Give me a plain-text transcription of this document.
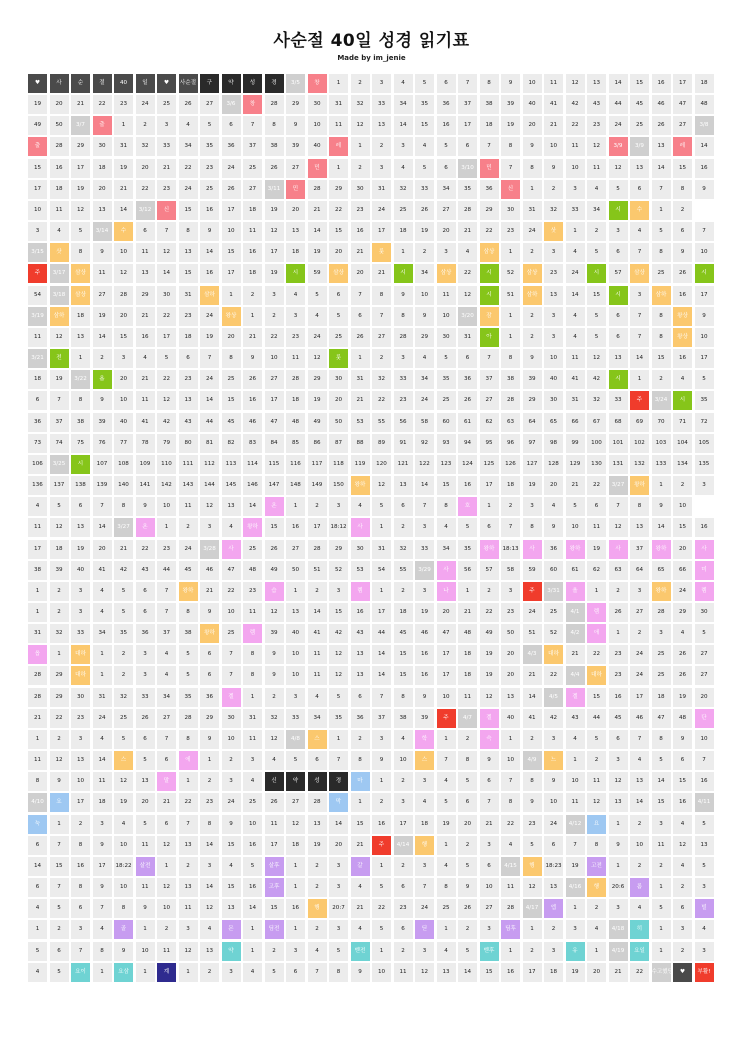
사순절 40일 성경 읽기표
Made by im_jenie
♥	사	순	절	40	일	♥	사순절	구	약	성	경	3/5	창	1	2	3	4	5	6	7	8	9	10	11	12	13	14	15	16	17	18
19	20	21	22	23	24	25	26	27	3/6	창	28	29	30	31	32	33	34	35	36	37	38	39	40	41	42	43	44	45	46	47	48
49	50	3/7	출	1	2	3	4	5	6	7	8	9	10	11	12	13	14	15	16	17	18	19	20	21	22	23	24	25	26	27	3/8
출	28	29	30	31	32	33	34	35	36	37	38	39	40	레	1	2	3	4	5	6	7	8	9	10	11	12	3/9	3/9	13	레	14
15	16	17	18	19	20	21	22	23	24	25	26	27	민	1	2	3	4	5	6	3/10	민	7	8	9	10	11	12	13	14	15	16
17	18	19	20	21	22	23	24	25	26	27	3/11	민	28	29	30	31	32	33	34	35	36	신	1	2	3	4	5	6	7	8	9
10	11	12	13	14	3/12	신	15	16	17	18	19	20	21	22	23	24	25	26	27	28	29	30	31	32	33	34	시	수	1	2
3	4	5	3/14	수	6	7	8	9	10	11	12	13	14	15	16	17	18	19	20	21	22	23	24	삿	1	2	3	4	5	6	7
3/15	삿	8	9	10	11	12	13	14	15	16	17	18	19	20	21	룻	1	2	3	4	삼상	1	2	3	4	5	6	7	8	9	10
주	3/17	삼상	11	12	13	14	15	16	17	18	19	시	59	삼상	20	21	시	34	삼상	22	시	52	삼상	23	24	시	57	삼상	25	26	시
54	3/18	삼상	27	28	29	30	31	삼하	1	2	3	4	5	6	7	8	9	10	11	12	시	51	삼하	13	14	15	시	3	삼하	16	17
3/19	삼하	18	19	20	21	22	23	24	왕상	1	2	3	4	5	6	7	8	9	10	3/20	잠	1	2	3	4	5	6	7	8	왕상	9
11	12	13	14	15	16	17	18	19	20	21	22	23	24	25	26	27	28	29	30	31	아	1	2	3	4	5	6	7	8	왕상	10
3/21	전	1	2	3	4	5	6	7	8	9	10	11	12	룻	1	2	3	4	5	6	7	8	9	10	11	12	13	14	15	16	17
18	19	3/22	욥	20	21	22	23	24	25	26	27	28	29	30	31	32	33	34	35	36	37	38	39	40	41	42	시	1	2	4	5
6	7	8	9	10	11	12	13	14	15	16	17	18	19	20	21	22	23	24	25	26	27	28	29	30	31	32	33	주	3/24	시	35
36	37	38	39	40	41	42	43	44	45	46	47	48	49	50	53	55	56	58	60	61	62	63	64	65	66	67	68	69	70	71	72
73	74	75	76	77	78	79	80	81	82	83	84	85	86	87	88	89	91	92	93	94	95	96	97	98	99	100	101	102	103	104	105
106	3/25	시	107	108	109	110	111	112	113	114	115	116	117	118	119	120	121	122	123	124	125	126	127	128	129	130	131	132	133	134	135
136	137	138	139	140	141	142	143	144	145	146	147	148	149	150	왕하	12	13	14	15	16	17	18	19	20	21	22	3/27	왕하	1	2	3
4	5	6	7	8	9	10	11	12	13	14	욘	1	2	3	4	5	6	7	8	호	1	2	3	4	5	6	7	8	9	10
11	12	13	14	3/27	욘	1	2	3	4	왕하	15	16	17	18:12	사	1	2	3	4	5	6	7	8	9	10	11	12	13	14	15	16
17	18	19	20	21	22	23	24	3/28	사	25	26	27	28	29	30	31	32	33	34	35	왕하	18:13	사	36	왕하	19	사	37	왕하	20	사
38	39	40	41	42	43	44	45	46	47	48	49	50	51	52	53	54	55	3/29	사	56	57	58	59	60	61	62	63	64	65	66	미
1	2	3	4	5	6	7	왕하	21	22	23	습	1	2	3	렘	1	2	3	나	1	2	3	주	3/31	욜	1	2	3	왕하	24	렘
1	2	3	4	5	6	7	8	9	10	11	12	13	14	15	16	17	18	19	20	21	22	23	24	25	4/1	렘	26	27	28	29	30
31	32	33	34	35	36	37	38	왕하	25	렘	39	40	41	42	43	44	45	46	47	48	49	50	51	52	4/2	애	1	2	3	4	5
옵	1	대하	1	2	3	4	5	6	7	8	9	10	11	12	13	14	15	16	17	18	19	20	4/3	대하	21	22	23	24	25	26	27
28	29	대하	1	2	3	4	5	6	7	8	9	10	11	12	13	14	15	16	17	18	19	20	21	22	4/4	대하	23	24	25	26	27
28	29	30	31	32	33	34	35	36	겔	1	2	3	4	5	6	7	8	9	10	11	12	13	14	4/5	겔	15	16	17	18	19	20
21	22	23	24	25	26	27	28	29	30	31	32	33	34	35	36	37	38	39	주	4/7	겔	40	41	42	43	44	45	46	47	48	단
1	2	3	4	5	6	7	8	9	10	11	12	4/8	스	1	2	3	4	학	1	2	슥	1	2	3	4	5	6	7	8	9	10
11	12	13	14	스	5	6	에	1	2	3	4	5	6	7	8	9	10	스	7	8	9	10	4/9	느	1	2	3	4	5	6	7
8	9	10	11	12	13	말	1	2	3	4	신	약	성	경	마	1	2	3	4	5	6	7	8	9	10	11	12	13	14	15	16
4/10	요	17	18	19	20	21	22	23	24	25	26	27	28	막	1	2	3	4	5	6	7	8	9	10	11	12	13	14	15	16	4/11
눅	1	2	3	4	5	6	7	8	9	10	11	12	13	14	15	16	17	18	19	20	21	22	23	24	4/12	요	1	2	3	4	5
6	7	8	9	10	11	12	13	14	15	16	17	18	19	20	21	주	4/14	행	1	2	3	4	5	6	7	8	9	10	11	12	13
14	15	16	17	18:22	살전	1	2	3	4	5	살후	1	2	3	갈	1	2	3	4	5	6	4/15	행	18:23	19	고전	1	2	2	4	5
6	7	8	9	10	11	12	13	14	15	16	고후	1	2	3	4	5	6	7	8	9	10	11	12	13	4/16	행	20:6	롬	1	2	3
4	5	6	7	8	9	10	11	12	13	14	15	16	행	20:7	21	22	23	24	25	26	27	28	4/17	엡	1	2	3	4	5	6	빌
1	2	3	4	골	1	2	3	4	몬	1	딤전	1	2	3	4	5	6	딛	1	2	3	딤후	1	2	3	4	4/18	히	1	3	4
5	6	7	8	9	10	11	12	13	약	1	2	3	4	5	벧전	1	2	3	4	5	벧후	1	2	3	유	1	4/19	요일	1	2	3
4	5	요이	1	요삼	1	계	1	2	3	4	5	6	7	8	9	10	11	12	13	14	15	16	17	18	19	20	21	22	수고했당	♥	부활!
